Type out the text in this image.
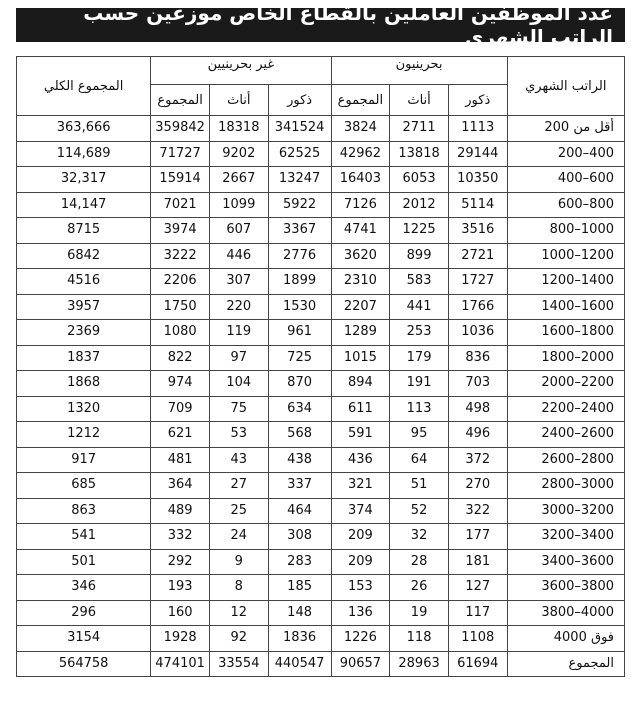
عدد الموظفين العاملين بالقطاع الخاص موزعين حسب الراتب الشهري
الراتب الشهري	بحرينيون			غير بحرينيين			المجموع الكلي
	ذكور	أناث	المجموع	ذكور	أناث	المجموع	
أقل من 200	1113	2711	3824	341524	18318	359842	363,666
400–200	29144	13818	42962	62525	9202	71727	114,689
600–400	10350	6053	16403	13247	2667	15914	32,317
800–600	5114	2012	7126	5922	1099	7021	14,147
1000–800	3516	1225	4741	3367	607	3974	8715
1200–1000	2721	899	3620	2776	446	3222	6842
1400–1200	1727	583	2310	1899	307	2206	4516
1600–1400	1766	441	2207	1530	220	1750	3957
1800–1600	1036	253	1289	961	119	1080	2369
2000–1800	836	179	1015	725	97	822	1837
2200–2000	703	191	894	870	104	974	1868
2400–2200	498	113	611	634	75	709	1320
2600–2400	496	95	591	568	53	621	1212
2800–2600	372	64	436	438	43	481	917
3000–2800	270	51	321	337	27	364	685
3200–3000	322	52	374	464	25	489	863
3400–3200	177	32	209	308	24	332	541
3600–3400	181	28	209	283	9	292	501
3800–3600	127	26	153	185	8	193	346
4000–3800	117	19	136	148	12	160	296
فوق 4000	1108	118	1226	1836	92	1928	3154
المجموع	61694	28963	90657	440547	33554	474101	564758
